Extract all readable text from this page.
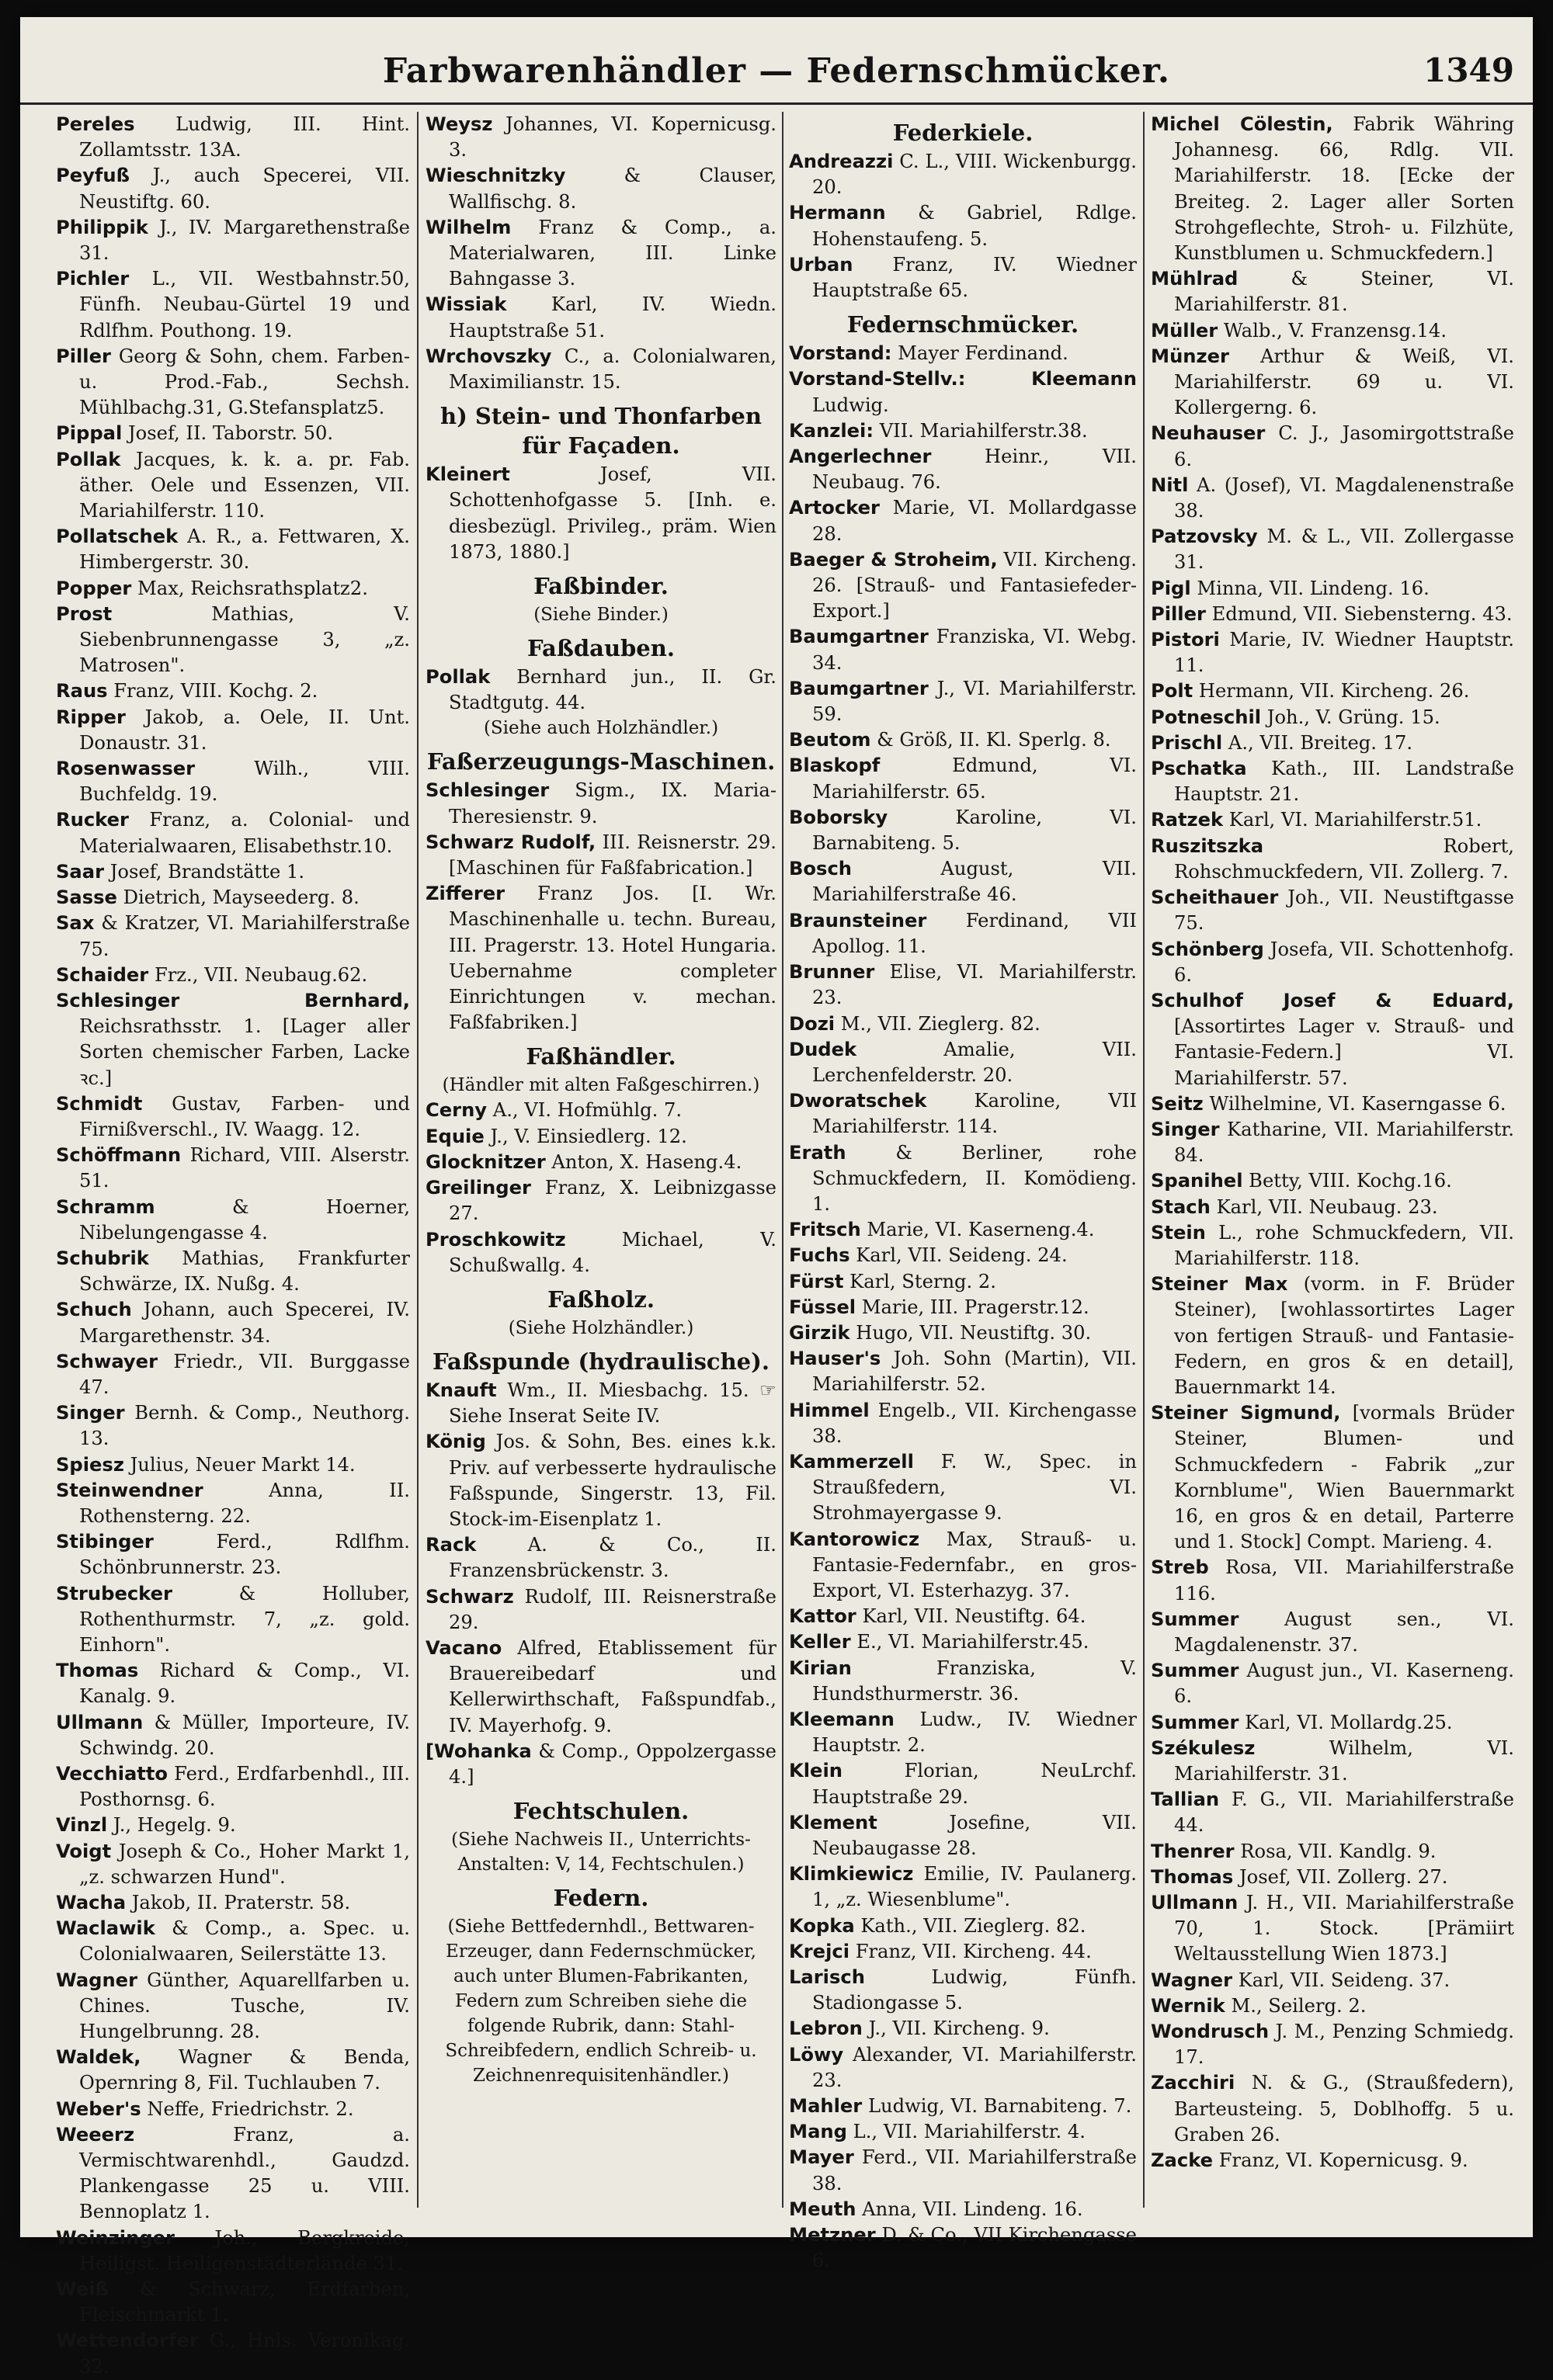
Farbwarenhändler — Federnschmücker.	1349

Pereles Ludwig, III. Hint. Zollamtsstr. 13A.

Peyfuß J., auch Specerei, VII. Neustiftg. 60.

Philippik J., IV. Margarethenstraße 31.

Pichler L., VII. Westbahnstr.50, Fünfh. Neubau-Gürtel 19 und Rdlfhm. Pouthong. 19.

Piller Georg & Sohn, chem. Farben- u. Prod.-Fab., Sechsh. Mühlbachg.31, G.Stefansplatz5.

Pippal Josef, II. Taborstr. 50.

Pollak Jacques, k. k. a. pr. Fab. äther. Oele und Essenzen, VII. Mariahilferstr. 110.

Pollatschek A. R., a. Fettwaren, X. Himbergerstr. 30.

Popper Max, Reichsrathsplatz2.

Prost Mathias, V. Siebenbrunnengasse 3, „z. Matrosen".

Raus Franz, VIII. Kochg. 2.

Ripper Jakob, a. Oele, II. Unt. Donaustr. 31.

Rosenwasser Wilh., VIII. Buchfeldg. 19.

Rucker Franz, a. Colonial- und Materialwaaren, Elisabethstr.10.

Saar Josef, Brandstätte 1.

Sasse Dietrich, Mayseederg. 8.

Sax & Kratzer, VI. Mariahilferstraße 75.

Schaider Frz., VII. Neubaug.62.

Schlesinger Bernhard, Reichsrathsstr. 1. [Lager aller Sorten chemischer Farben, Lacke ꝛc.]

Schmidt Gustav, Farben- und Firnißverschl., IV. Waagg. 12.

Schöffmann Richard, VIII. Alserstr. 51.

Schramm & Hoerner, Nibelungengasse 4.

Schubrik Mathias, Frankfurter Schwärze, IX. Nußg. 4.

Schuch Johann, auch Specerei, IV. Margarethenstr. 34.

Schwayer Friedr., VII. Burggasse 47.

Singer Bernh. & Comp., Neuthorg. 13.

Spiesz Julius, Neuer Markt 14.

Steinwendner Anna, II. Rothensterng. 22.

Stibinger Ferd., Rdlfhm. Schönbrunnerstr. 23.

Strubecker & Holluber, Rothenthurmstr. 7, „z. gold. Einhorn".

Thomas Richard & Comp., VI. Kanalg. 9.

Ullmann & Müller, Importeure, IV. Schwindg. 20.

Vecchiatto Ferd., Erdfarbenhdl., III. Posthornsg. 6.

Vinzl J., Hegelg. 9.

Voigt Joseph & Co., Hoher Markt 1, „z. schwarzen Hund".

Wacha Jakob, II. Praterstr. 58.

Waclawik & Comp., a. Spec. u. Colonialwaaren, Seilerstätte 13.

Wagner Günther, Aquarellfarben u. Chines. Tusche, IV. Hungelbrunng. 28.

Waldek, Wagner & Benda, Opernring 8, Fil. Tuchlauben 7.

Weber's Neffe, Friedrichstr. 2.

Weeerz Franz, a. Vermischtwarenhdl., Gaudzd. Plankengasse 25 u. VIII. Bennoplatz 1.

Weinzinger Joh., Bergkreide, Heiligst. Heiligenstädterlände 31.

Weiß & Schwarz, Erdfarben, Fleischmarkt 1.

Wettendorfer G., Hnls. Veronikag. 32.

Weysz Johannes, VI. Kopernicusg. 3.

Wieschnitzky & Clauser, Wallfischg. 8.

Wilhelm Franz & Comp., a. Materialwaren, III. Linke Bahngasse 3.

Wissiak Karl, IV. Wiedn. Hauptstraße 51.

Wrchovszky C., a. Colonialwaren, Maximilianstr. 15.

h) Stein- und Thonfarben für Façaden.

Kleinert Josef, VII. Schottenhofgasse 5. [Inh. e. diesbezügl. Privileg., präm. Wien 1873, 1880.]

Faßbinder.

(Siehe Binder.)

Faßdauben.

Pollak Bernhard jun., II. Gr. Stadtgutg. 44.

(Siehe auch Holzhändler.)

Faßerzeugungs-Maschinen.

Schlesinger Sigm., IX. Maria-Theresienstr. 9.

Schwarz Rudolf, III. Reisnerstr. 29. [Maschinen für Faßfabrication.]

Zifferer Franz Jos. [I. Wr. Maschinenhalle u. techn. Bureau, III. Pragerstr. 13. Hotel Hungaria. Uebernahme completer Einrichtungen v. mechan. Faßfabriken.]

Faßhändler.

(Händler mit alten Faßgeschirren.)

Cerny A., VI. Hofmühlg. 7.

Equie J., V. Einsiedlerg. 12.

Glocknitzer Anton, X. Haseng.4.

Greilinger Franz, X. Leibnizgasse 27.

Proschkowitz Michael, V. Schußwallg. 4.

Faßholz.

(Siehe Holzhändler.)

Faßspunde (hydraulische).

Knauft Wm., II. Miesbachg. 15. ☞ Siehe Inserat Seite IV.

König Jos. & Sohn, Bes. eines k.k. Priv. auf verbesserte hydraulische Faßspunde, Singerstr. 13, Fil. Stock-im-Eisenplatz 1.

Rack A. & Co., II. Franzensbrückenstr. 3.

Schwarz Rudolf, III. Reisnerstraße 29.

Vacano Alfred, Etablissement für Brauereibedarf und Kellerwirthschaft, Faßspundfab., IV. Mayerhofg. 9.

[Wohanka & Comp., Oppolzergasse 4.]

Fechtschulen.

(Siehe Nachweis II., Unterrichts-Anstalten: V, 14, Fechtschulen.)

Federn.

(Siehe Bettfedernhdl., Bettwaren-Erzeuger, dann Federnschmücker, auch unter Blumen-Fabrikanten, Federn zum Schreiben siehe die folgende Rubrik, dann: Stahl-Schreibfedern, endlich Schreib- u. Zeichnenrequisitenhändler.)

Federkiele.

Andreazzi C. L., VIII. Wickenburgg. 20.

Hermann & Gabriel, Rdlge. Hohenstaufeng. 5.

Urban Franz, IV. Wiedner Hauptstraße 65.

Federnschmücker.

Vorstand: Mayer Ferdinand.

Vorstand-Stellv.: Kleemann Ludwig.

Kanzlei: VII. Mariahilferstr.38.

Angerlechner Heinr., VII. Neubaug. 76.

Artocker Marie, VI. Mollardgasse 28.

Baeger & Stroheim, VII. Kircheng. 26. [Strauß- und Fantasiefeder-Export.]

Baumgartner Franziska, VI. Webg. 34.

Baumgartner J., VI. Mariahilferstr. 59.

Beutom & Größ, II. Kl. Sperlg. 8.

Blaskopf Edmund, VI. Mariahilferstr. 65.

Boborsky Karoline, VI. Barnabiteng. 5.

Bosch August, VII. Mariahilferstraße 46.

Braunsteiner Ferdinand, VII Apollog. 11.

Brunner Elise, VI. Mariahilferstr. 23.

Dozi M., VII. Zieglerg. 82.

Dudek Amalie, VII. Lerchenfelderstr. 20.

Dworatschek Karoline, VII Mariahilferstr. 114.

Erath & Berliner, rohe Schmuckfedern, II. Komödieng. 1.

Fritsch Marie, VI. Kaserneng.4.

Fuchs Karl, VII. Seideng. 24.

Fürst Karl, Sterng. 2.

Füssel Marie, III. Pragerstr.12.

Girzik Hugo, VII. Neustiftg. 30.

Hauser's Joh. Sohn (Martin), VII. Mariahilferstr. 52.

Himmel Engelb., VII. Kirchengasse 38.

Kammerzell F. W., Spec. in Straußfedern, VI. Strohmayergasse 9.

Kantorowicz Max, Strauß- u. Fantasie-Federnfabr., en gros-Export, VI. Esterhazyg. 37.

Kattor Karl, VII. Neustiftg. 64.

Keller E., VI. Mariahilferstr.45.

Kirian Franziska, V. Hundsthurmerstr. 36.

Kleemann Ludw., IV. Wiedner Hauptstr. 2.

Klein Florian, NeuLrchf. Hauptstraße 29.

Klement Josefine, VII. Neubaugasse 28.

Klimkiewicz Emilie, IV. Paulanerg. 1, „z. Wiesenblume".

Kopka Kath., VII. Zieglerg. 82.

Krejci Franz, VII. Kircheng. 44.

Larisch Ludwig, Fünfh. Stadiongasse 5.

Lebron J., VII. Kircheng. 9.

Löwy Alexander, VI. Mariahilferstr. 23.

Mahler Ludwig, VI. Barnabiteng. 7.

Mang L., VII. Mariahilferstr. 4.

Mayer Ferd., VII. Mariahilferstraße 38.

Meuth Anna, VII. Lindeng. 16.

Metzner D. & Co., VII Kirchengasse 6.

Michel Cölestin, Fabrik Währing Johannesg. 66, Rdlg. VII. Mariahilferstr. 18. [Ecke der Breiteg. 2. Lager aller Sorten Strohgeflechte, Stroh- u. Filzhüte, Kunstblumen u. Schmuckfedern.]

Mühlrad & Steiner, VI. Mariahilferstr. 81.

Müller Walb., V. Franzensg.14.

Münzer Arthur & Weiß, VI. Mariahilferstr. 69 u. VI. Kollergerng. 6.

Neuhauser C. J., Jasomirgottstraße 6.

Nitl A. (Josef), VI. Magdalenenstraße 38.

Patzovsky M. & L., VII. Zollergasse 31.

Pigl Minna, VII. Lindeng. 16.

Piller Edmund, VII. Siebensterng. 43.

Pistori Marie, IV. Wiedner Hauptstr. 11.

Polt Hermann, VII. Kircheng. 26.

Potneschil Joh., V. Grüng. 15.

Prischl A., VII. Breiteg. 17.

Pschatka Kath., III. Landstraße Hauptstr. 21.

Ratzek Karl, VI. Mariahilferstr.51.

Ruszitszka Robert, Rohschmuckfedern, VII. Zollerg. 7.

Scheithauer Joh., VII. Neustiftgasse 75.

Schönberg Josefa, VII. Schottenhofg. 6.

Schulhof Josef & Eduard, [Assortirtes Lager v. Strauß- und Fantasie-Federn.] VI. Mariahilferstr. 57.

Seitz Wilhelmine, VI. Kaserngasse 6.

Singer Katharine, VII. Mariahilferstr. 84.

Spanihel Betty, VIII. Kochg.16.

Stach Karl, VII. Neubaug. 23.

Stein L., rohe Schmuckfedern, VII. Mariahilferstr. 118.

Steiner Max (vorm. in F. Brüder Steiner), [wohlassortirtes Lager von fertigen Strauß- und Fantasie-Federn, en gros & en detail], Bauernmarkt 14.

Steiner Sigmund, [vormals Brüder Steiner, Blumen- und Schmuckfedern - Fabrik „zur Kornblume", Wien Bauernmarkt 16, en gros & en detail, Parterre und 1. Stock] Compt. Marieng. 4.

Streb Rosa, VII. Mariahilferstraße 116.

Summer August sen., VI. Magdalenenstr. 37.

Summer August jun., VI. Kaserneng. 6.

Summer Karl, VI. Mollardg.25.

Székulesz Wilhelm, VI. Mariahilferstr. 31.

Tallian F. G., VII. Mariahilferstraße 44.

Thenrer Rosa, VII. Kandlg. 9.

Thomas Josef, VII. Zollerg. 27.

Ullmann J. H., VII. Mariahilferstraße 70, 1. Stock. [Prämiirt Weltausstellung Wien 1873.]

Wagner Karl, VII. Seideng. 37.

Wernik M., Seilerg. 2.

Wondrusch J. M., Penzing Schmiedg. 17.

Zacchiri N. & G., (Straußfedern), Barteusteing. 5, Doblhoffg. 5 u. Graben 26.

Zacke Franz, VI. Kopernicusg. 9.
